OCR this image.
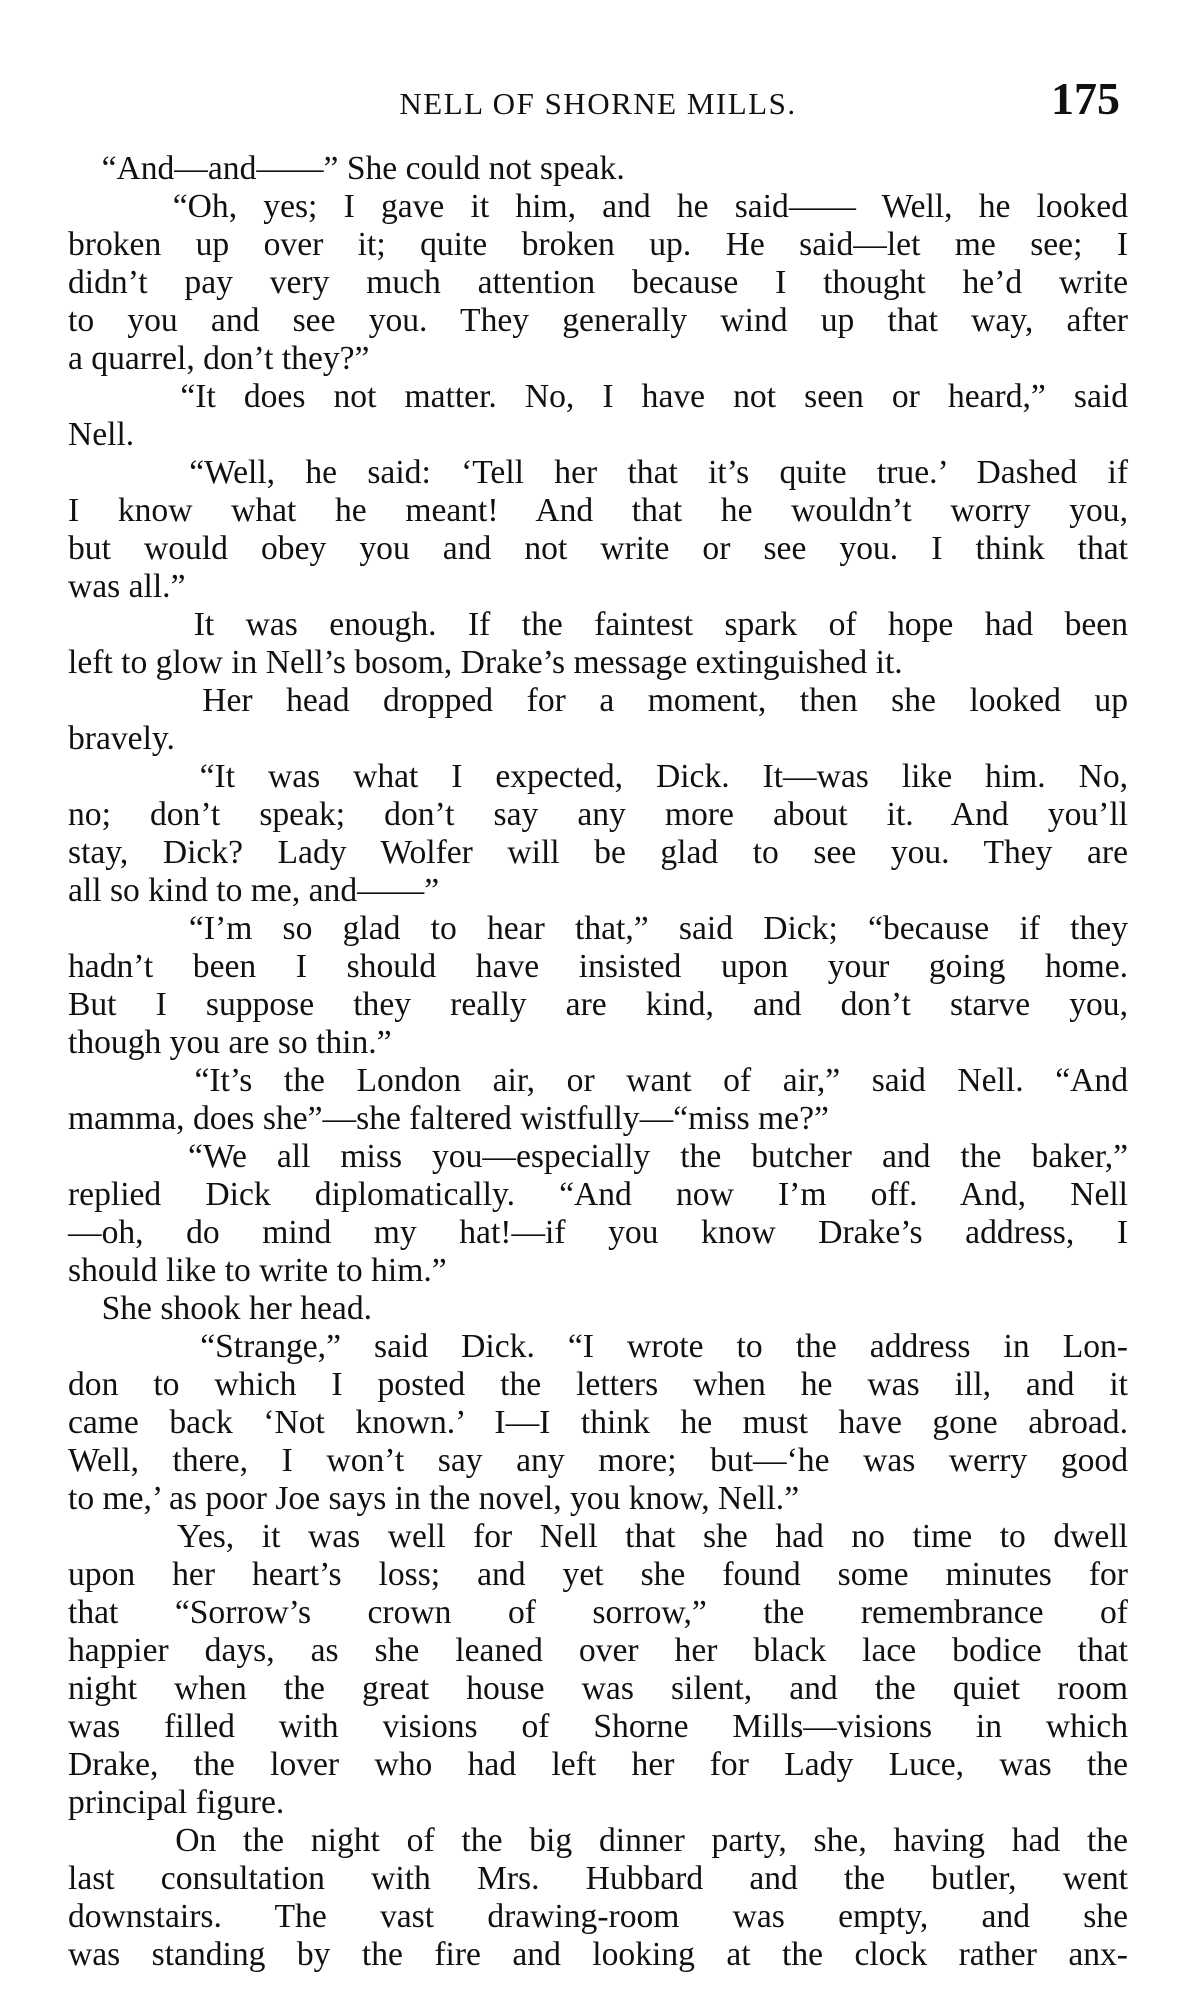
NELL OF SHORNE MILLS.	175
“And—and——” She could not speak.
“Oh, yes; I gave it him, and he said—— Well, he looked
broken up over it; quite broken up. He said—let me see; I
didn’t pay very much attention because I thought he’d write
to you and see you. They generally wind up that way, after
a quarrel, don’t they?”
“It does not matter. No, I have not seen or heard,” said
Nell.
“Well, he said: ‘Tell her that it’s quite true.’ Dashed if
I know what he meant! And that he wouldn’t worry you,
but would obey you and not write or see you. I think that
was all.”
It was enough. If the faintest spark of hope had been
left to glow in Nell’s bosom, Drake’s message extinguished it.
Her head dropped for a moment, then she looked up
bravely.
“It was what I expected, Dick. It—was like him. No,
no; don’t speak; don’t say any more about it. And you’ll
stay, Dick? Lady Wolfer will be glad to see you. They are
all so kind to me, and——”
“I’m so glad to hear that,” said Dick; “because if they
hadn’t been I should have insisted upon your going home.
But I suppose they really are kind, and don’t starve you,
though you are so thin.”
“It’s the London air, or want of air,” said Nell. “And
mamma, does she”—she faltered wistfully—“miss me?”
“We all miss you—especially the butcher and the baker,”
replied Dick diplomatically. “And now I’m off. And, Nell
—oh, do mind my hat!—if you know Drake’s address, I
should like to write to him.”
She shook her head.
“Strange,” said Dick. “I wrote to the address in Lon-
don to which I posted the letters when he was ill, and it
came back ‘Not known.’ I—I think he must have gone abroad.
Well, there, I won’t say any more; but—‘he was werry good
to me,’ as poor Joe says in the novel, you know, Nell.”
Yes, it was well for Nell that she had no time to dwell
upon her heart’s loss; and yet she found some minutes for
that “Sorrow’s crown of sorrow,” the remembrance of
happier days, as she leaned over her black lace bodice that
night when the great house was silent, and the quiet room
was filled with visions of Shorne Mills—visions in which
Drake, the lover who had left her for Lady Luce, was the
principal figure.
On the night of the big dinner party, she, having had the
last consultation with Mrs. Hubbard and the butler, went
downstairs. The vast drawing-room was empty, and she
was standing by the fire and looking at the clock rather anx-
